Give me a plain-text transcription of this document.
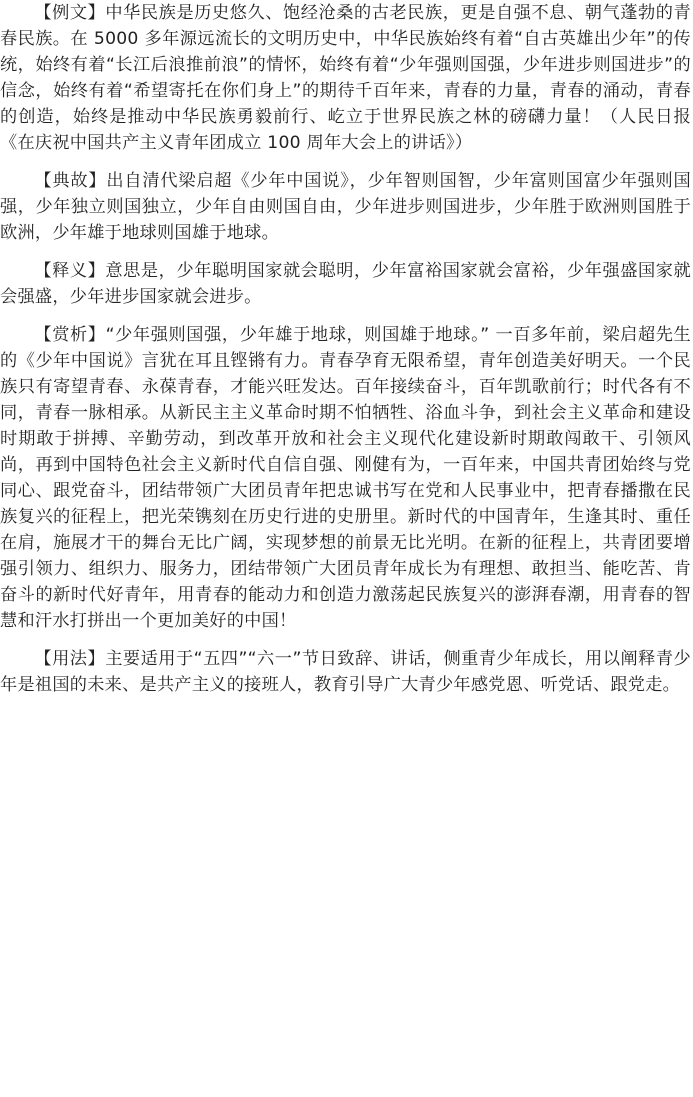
【例文】中华民族是历史悠久、饱经沧桑的古老民族，更是自强不息、朝气蓬勃的青春民族。在 5000 多年源远流长的文明历史中，中华民族始终有着“自古英雄出少年”的传统，始终有着“长江后浪推前浪”的情怀，始终有着“少年强则国强，少年进步则国进步”的信念，始终有着“希望寄托在你们身上”的期待千百年来，青春的力量，青春的涌动，青春的创造，始终是推动中华民族勇毅前行、屹立于世界民族之林的磅礴力量！（人民日报《在庆祝中国共产主义青年团成立 100 周年大会上的讲话》）

【典故】出自清代梁启超《少年中国说》，少年智则国智，少年富则国富少年强则国强，少年独立则国独立，少年自由则国自由，少年进步则国进步，少年胜于欧洲则国胜于欧洲，少年雄于地球则国雄于地球。

【释义】意思是，少年聪明国家就会聪明，少年富裕国家就会富裕，少年强盛国家就会强盛，少年进步国家就会进步。

【赏析】“少年强则国强，少年雄于地球，则国雄于地球。” 一百多年前，梁启超先生的《少年中国说》言犹在耳且铿锵有力。青春孕育无限希望，青年创造美好明天。一个民族只有寄望青春、永葆青春，才能兴旺发达。百年接续奋斗，百年凯歌前行；时代各有不同，青春一脉相承。从新民主主义革命时期不怕牺牲、浴血斗争，到社会主义革命和建设时期敢于拼搏、辛勤劳动，到改革开放和社会主义现代化建设新时期敢闯敢干、引领风尚，再到中国特色社会主义新时代自信自强、刚健有为，一百年来，中国共青团始终与党同心、跟党奋斗，团结带领广大团员青年把忠诚书写在党和人民事业中，把青春播撒在民族复兴的征程上，把光荣镌刻在历史行进的史册里。新时代的中国青年，生逢其时、重任在肩，施展才干的舞台无比广阔，实现梦想的前景无比光明。在新的征程上，共青团要增强引领力、组织力、服务力，团结带领广大团员青年成长为有理想、敢担当、能吃苦、肯奋斗的新时代好青年，用青春的能动力和创造力激荡起民族复兴的澎湃春潮，用青春的智慧和汗水打拼出一个更加美好的中国！

【用法】主要适用于“五四”“六一”节日致辞、讲话，侧重青少年成长，用以阐释青少年是祖国的未来、是共产主义的接班人，教育引导广大青少年感党恩、听党话、跟党走。
